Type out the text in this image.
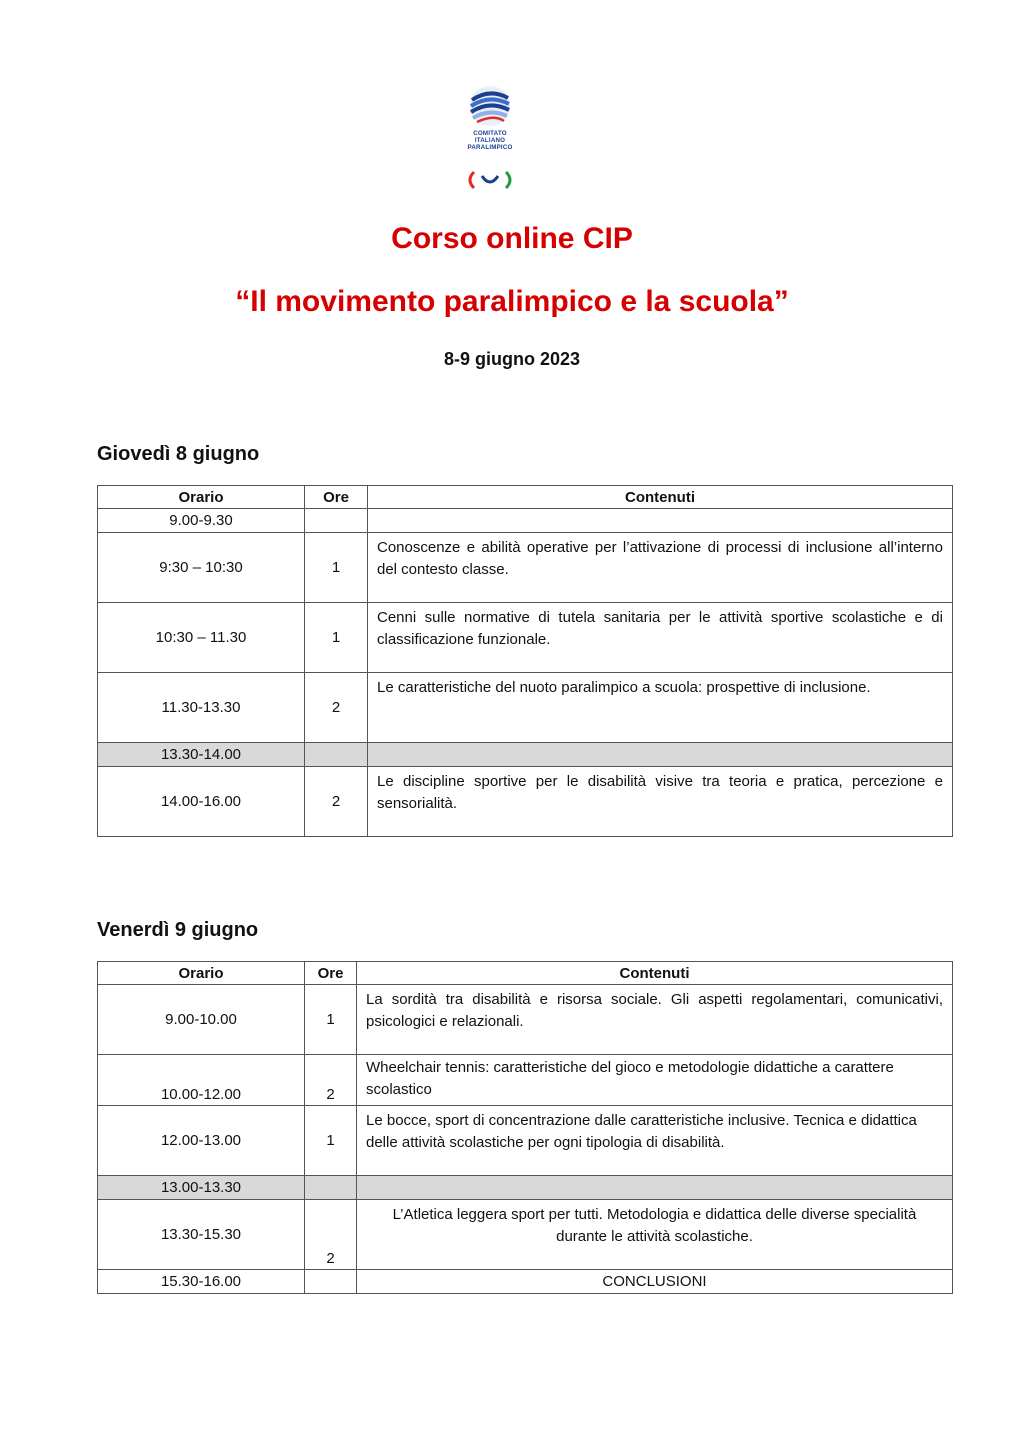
COMITATO
ITALIANO
PARALIMPICO
Corso online CIP
“Il movimento paralimpico e la scuola”
8-9 giugno 2023
Giovedì 8 giugno
Orario	Ore	Contenuti
9.00-9.30		
9:30 – 10:30	1	Conoscenze e abilità operative per l’attivazione di processi di inclusione all’interno del contesto classe.
10:30 – 11.30	1	Cenni sulle normative di tutela sanitaria per le attività sportive scolastiche e di classificazione funzionale.
11.30-13.30	2	Le caratteristiche del nuoto paralimpico a scuola: prospettive di inclusione.
13.30-14.00		
14.00-16.00	2	Le discipline sportive per le disabilità visive tra teoria e pratica, percezione e sensorialità.
Venerdì 9 giugno
Orario	Ore	Contenuti
9.00-10.00	1	La sordità tra disabilità e risorsa sociale. Gli aspetti regolamentari, comunicativi, psicologici e relazionali.
10.00-12.00	2	Wheelchair tennis: caratteristiche del gioco e metodologie didattiche a carattere scolastico
12.00-13.00	1	Le bocce, sport di concentrazione dalle caratteristiche inclusive. Tecnica e didattica delle attività scolastiche per ogni tipologia di disabilità.
13.00-13.30		
13.30-15.30	2	L’Atletica leggera sport per tutti. Metodologia e didattica delle diverse specialità durante le attività scolastiche.
15.30-16.00		CONCLUSIONI
